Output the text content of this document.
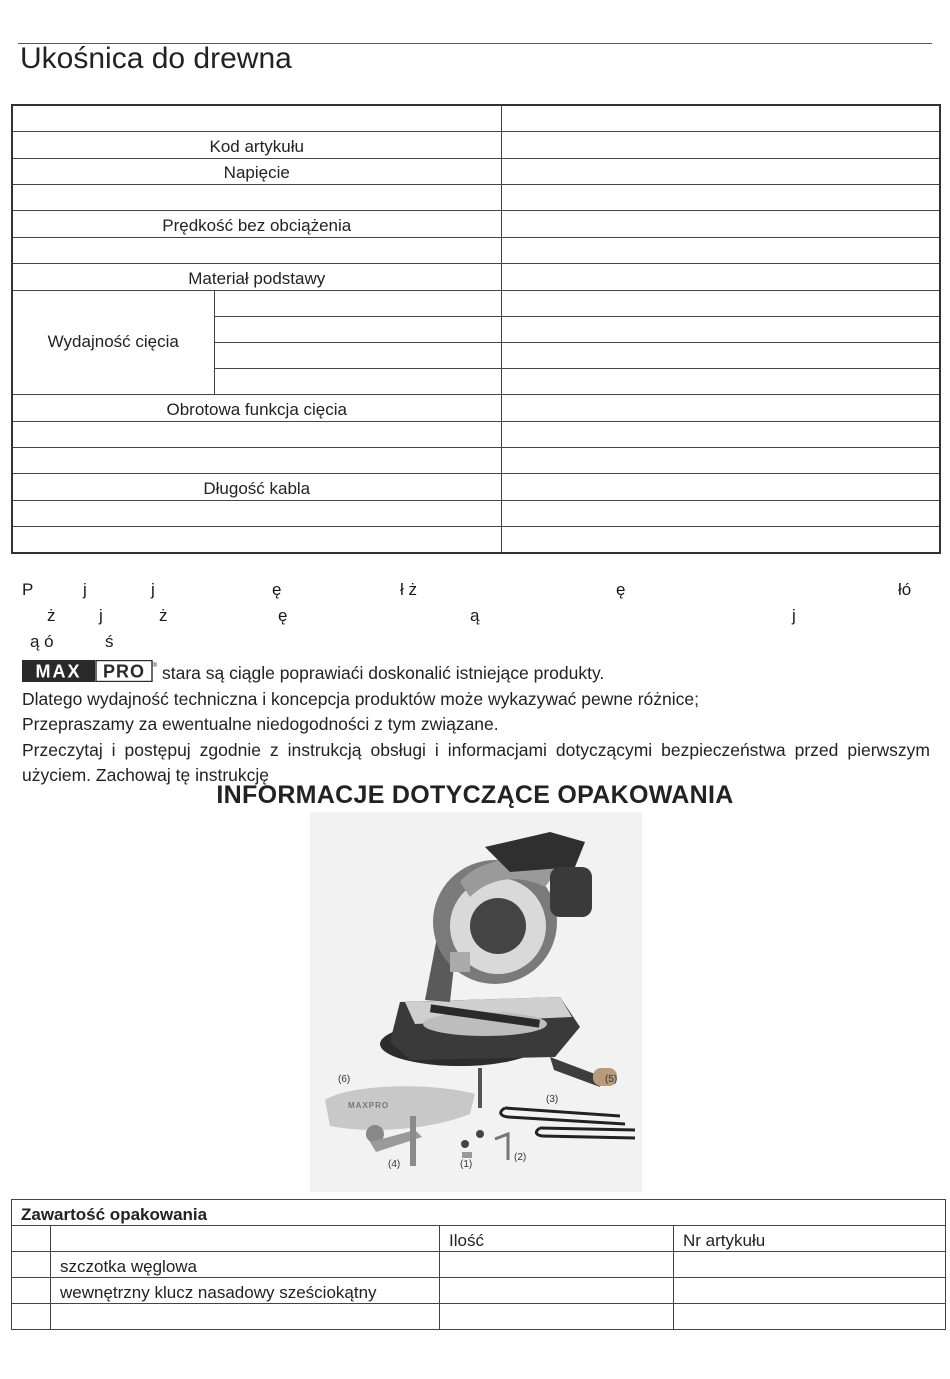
Ukośnica do drewna

Kod artykułu		
Napięcie		

Prędkość bez obciążenia		

Materiał podstawy		
Wydajność cięcia		

Obrotowa funkcja cięcia		

Długość kabla		

P	j	j	ę	ł ż	ę	łó
ż	j	ż	ę	ą	j
ą ó	ś

MAX PRO ® stara są ciągle poprawiaći doskonalić istniejące produkty.

Dlatego wydajność techniczna i koncepcja produktów może wykazywać pewne różnice;

Przepraszamy za ewentualne niedogodności z tym związane.

Przeczytaj i postępuj zgodnie z instrukcją obsługi i informacjami dotyczącymi bezpieczeństwa przed pierwszym użyciem. Zachowaj tę instrukcję

INFORMACJE DOTYCZĄCE OPAKOWANIA
MAXPRO
(6)	(5)
(3)
(4)	(1)
(2)
Zawartość opakowania			
		Ilość	Nr artykułu
	szczotka węglowa		
	wewnętrzny klucz nasadowy sześciokątny		
